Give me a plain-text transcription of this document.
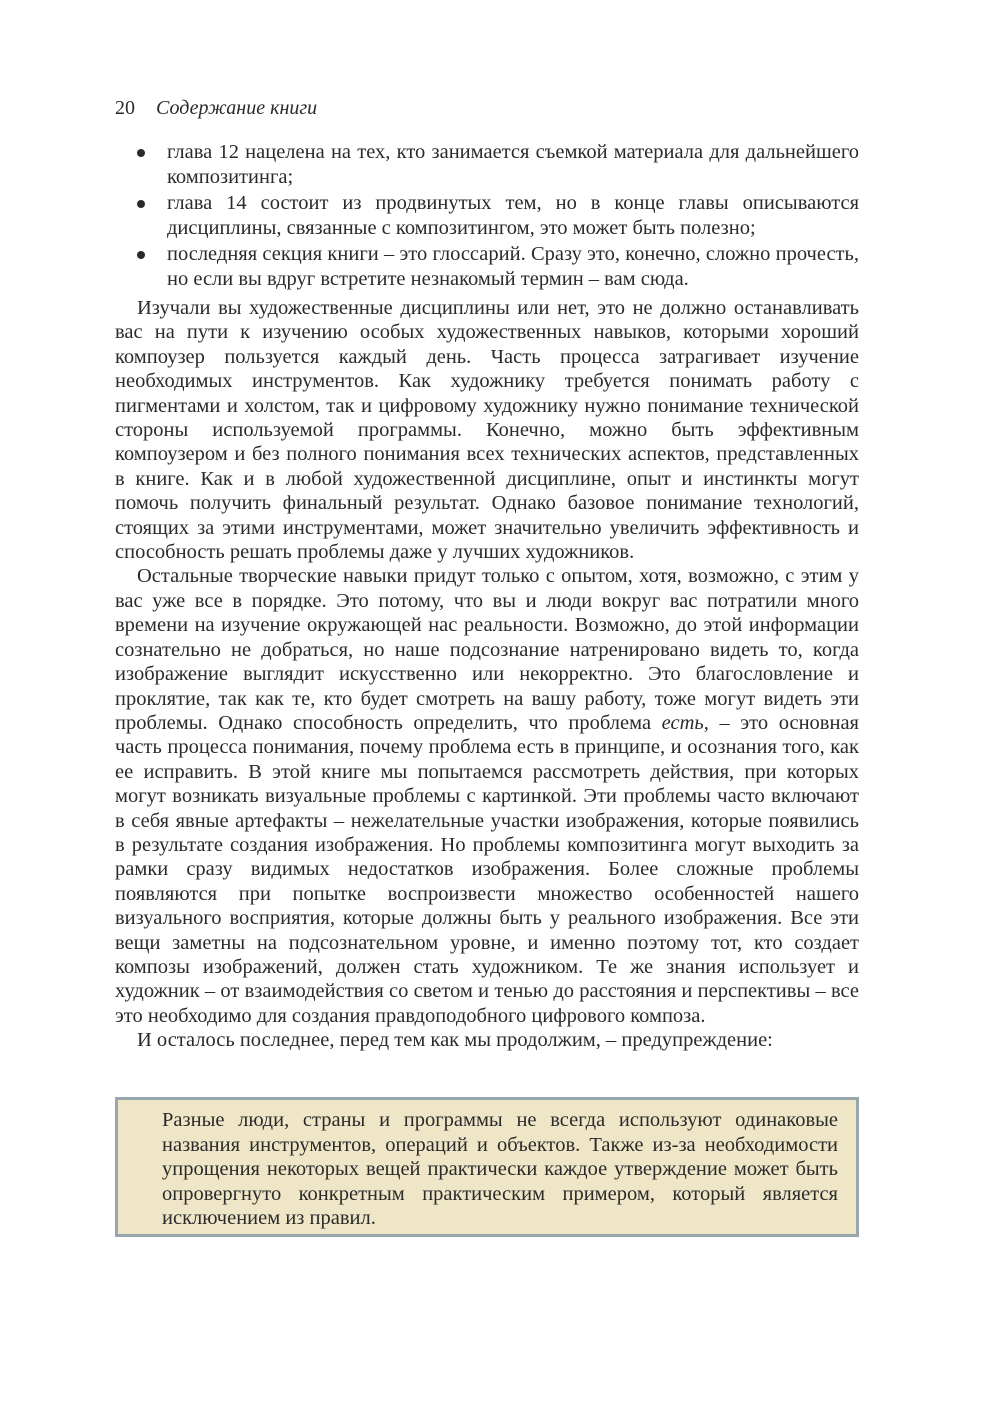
20 Содержание книги
глава 12 нацелена на тех, кто занимается съемкой материала для дальнейшего композитинга;
глава 14 состоит из продвинутых тем, но в конце главы описываются дисциплины, связанные с композитингом, это может быть полезно;
последняя секция книги – это глоссарий. Сразу это, конечно, сложно прочесть, но если вы вдруг встретите незнакомый термин – вам сюда.

Изучали вы художественные дисциплины или нет, это не должно останавливать вас на пути к изучению особых художественных навыков, которыми хороший компоузер пользуется каждый день. Часть процесса затрагивает изучение необходимых инструментов. Как художнику требуется понимать работу с пигментами и холстом, так и цифровому художнику нужно понимание технической стороны используемой программы. Конечно, можно быть эффективным компоузером и без полного понимания всех технических аспектов, представленных в книге. Как и в любой художественной дисциплине, опыт и инстинкты могут помочь получить финальный результат. Однако базовое понимание технологий, стоящих за этими инструментами, может значительно увеличить эффективность и способность решать проблемы даже у лучших художников.

Остальные творческие навыки придут только с опытом, хотя, возможно, с этим у вас уже все в порядке. Это потому, что вы и люди вокруг вас потратили много времени на изучение окружающей нас реальности. Возможно, до этой информации сознательно не добраться, но наше подсознание натренировано видеть то, когда изображение выглядит искусственно или некорректно. Это благословление и проклятие, так как те, кто будет смотреть на вашу работу, тоже могут видеть эти проблемы. Однако способность определить, что проблема есть, – это основная часть процесса понимания, почему проблема есть в принципе, и осознания того, как ее исправить. В этой книге мы попытаемся рассмотреть действия, при которых могут возникать визуальные проблемы с картинкой. Эти проблемы часто включают в себя явные артефакты – нежелательные участки изображения, которые появились в результате создания изображения. Но проблемы композитинга могут выходить за рамки сразу видимых недостатков изображения. Более сложные проблемы появляются при попытке воспроизвести множество особенностей нашего визуального восприятия, которые должны быть у реального изображения. Все эти вещи заметны на подсознательном уровне, и именно поэтому тот, кто создает композы изображений, должен стать художником. Те же знания использует и художник – от взаимодействия со светом и тенью до расстояния и перспективы – все это необходимо для создания правдоподобного цифрового композа.

И осталось последнее, перед тем как мы продолжим, – предупреждение:

Разные люди, страны и программы не всегда используют одинаковые названия инструментов, операций и объектов. Также из-за необходимости упрощения некоторых вещей практически каждое утверждение может быть опровергнуто конкретным практическим примером, который является исключением из правил.
